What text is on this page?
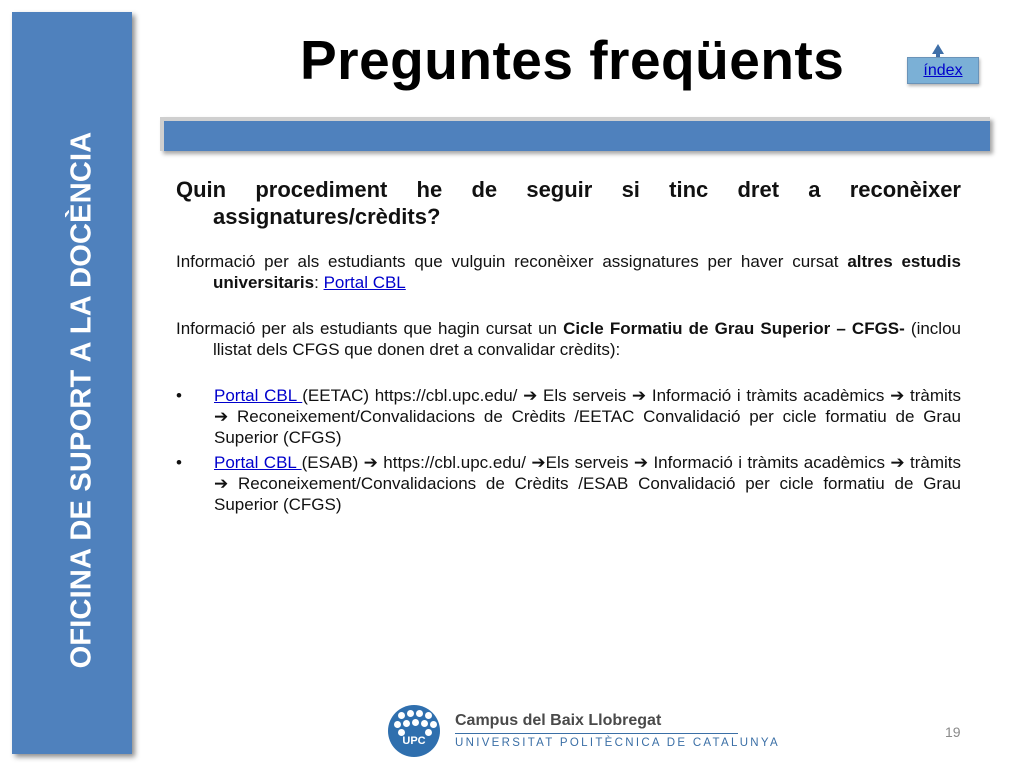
OFICINA DE SUPORT A LA DOCÈNCIA
Preguntes freqüents	índex

Quin procediment he de seguir si tinc dret a reconèixer assignatures/crèdits?

Informació per als estudiants que vulguin reconèixer assignatures per haver cursat altres estudis universitaris: Portal CBL

Informació per als estudiants que hagin cursat un Cicle Formatiu de Grau Superior – CFGS- (inclou llistat dels CFGS que donen dret a convalidar crèdits):

• Portal CBL (EETAC) https://cbl.upc.edu/ ➔ Els serveis ➔ Informació i tràmits acadèmics ➔ tràmits ➔ Reconeixement/Convalidacions de Crèdits /EETAC Convalidació per cicle formatiu de Grau Superior (CFGS)
• Portal CBL (ESAB) ➔ https://cbl.upc.edu/ ➔Els serveis ➔ Informació i tràmits acadèmics ➔ tràmits ➔ Reconeixement/Convalidacions de Crèdits /ESAB Convalidació per cicle formatiu de Grau Superior (CFGS)
UPC
Campus del Baix Llobregat
UNIVERSITAT POLITÈCNICA DE CATALUNYA
19
